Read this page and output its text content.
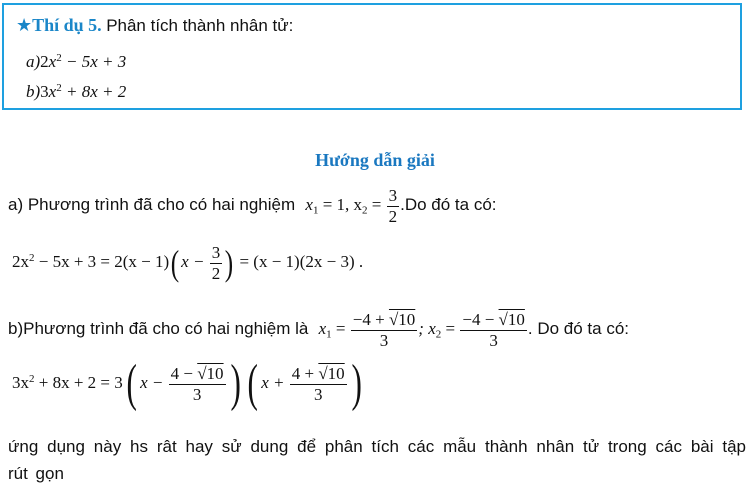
★Thí dụ 5. Phân tích thành nhân tử:
$a)2x^2 - 5x + 3$
$b)3x^2 + 8x + 2$
Hướng dẫn giải
a) Phương trình đã cho có hai nghiệm $x_1 = 1$, $x_2 = \frac{3}{2} .Do$ đó ta có:
$2x^2 - 5x + 3 = 2(x - 1)$( $x - \frac{3}{2}$ ) = (x − 1)(2x − 3) .
b)Phương trình đã cho có hai nghiệm là $x_1 = \frac{-4 + √10}{3}$ ; $x_2 = \frac{-4 - √10}{3}$ . Do đó ta có:
$3x^2 + 8x + 2 = 3$( $x - \frac{4 - √10}{3}$ ) ( $x + \frac{4 + √10}{3}$ )
ứng dụng này hs rât hay sử dung để phân tích các mẫu thành nhân tử trong các bài tập rút gọn
